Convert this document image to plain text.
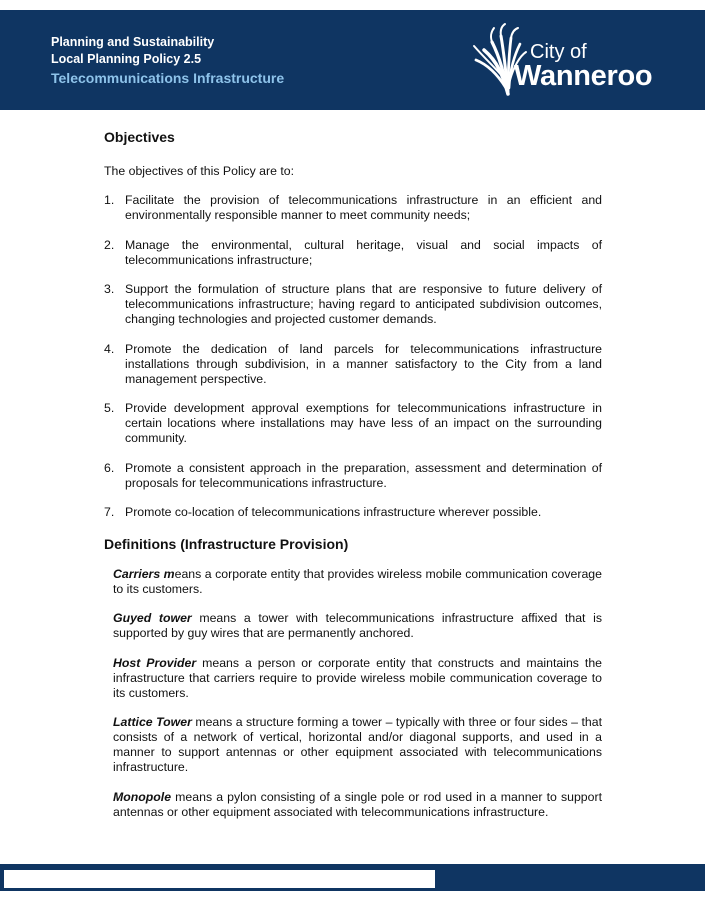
Planning and Sustainability
Local Planning Policy 2.5
Telecommunications Infrastructure
City of
Wanneroo
Objectives

The objectives of this Policy are to:

1. Facilitate the provision of telecommunications infrastructure in an efficient and environmentally responsible manner to meet community needs;
2. Manage the environmental, cultural heritage, visual and social impacts of telecommunications infrastructure;
3. Support the formulation of structure plans that are responsive to future delivery of telecommunications infrastructure; having regard to anticipated subdivision outcomes, changing technologies and projected customer demands.
4. Promote the dedication of land parcels for telecommunications infrastructure installations through subdivision, in a manner satisfactory to the City from a land management perspective.
5. Provide development approval exemptions for telecommunications infrastructure in certain locations where installations may have less of an impact on the surrounding community.
6. Promote a consistent approach in the preparation, assessment and determination of proposals for telecommunications infrastructure.
7. Promote co-location of telecommunications infrastructure wherever possible.
Definitions (Infrastructure Provision)

Carriers means a corporate entity that provides wireless mobile communication coverage to its customers.

Guyed tower means a tower with telecommunications infrastructure affixed that is supported by guy wires that are permanently anchored.

Host Provider means a person or corporate entity that constructs and maintains the infrastructure that carriers require to provide wireless mobile communication coverage to its customers.

Lattice Tower means a structure forming a tower – typically with three or four sides – that consists of a network of vertical, horizontal and/or diagonal supports, and used in a manner to support antennas or other equipment associated with telecommunications infrastructure.

Monopole means a pylon consisting of a single pole or rod used in a manner to support antennas or other equipment associated with telecommunications infrastructure.
